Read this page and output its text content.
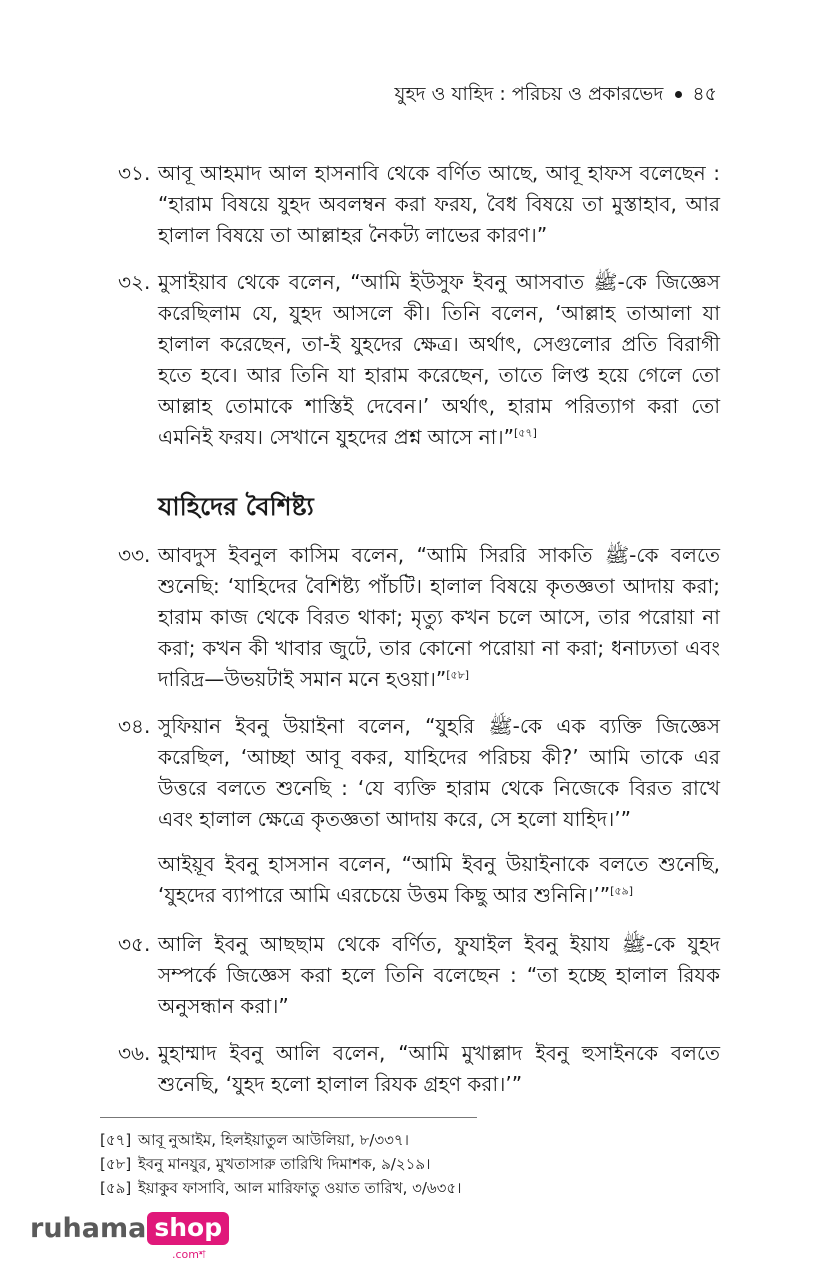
যুহদ ও যাহিদ : পরিচয় ও প্রকারভেদ ৪৫
৩১. আবূ আহমাদ আল হাসনাবি থেকে বর্ণিত আছে, আবূ হাফস বলেছেন : “হারাম বিষয়ে যুহদ অবলম্বন করা ফরয, বৈধ বিষয়ে তা মুস্তাহাব, আর হালাল বিষয়ে তা আল্লাহর নৈকট্য লাভের কারণ।”

৩২. মুসাইয়াব থেকে বলেন, “আমি ইউসুফ ইবনু আসবাত ﷺ-কে জিজ্ঞেস করেছিলাম যে, যুহদ আসলে কী। তিনি বলেন, ‘আল্লাহ তাআলা যা হালাল করেছেন, তা-ই যুহদের ক্ষেত্র। অর্থাৎ, সেগুলোর প্রতি বিরাগী হতে হবে। আর তিনি যা হারাম করেছেন, তাতে লিপ্ত হয়ে গেলে তো আল্লাহ তোমাকে শাস্তিই দেবেন।’ অর্থাৎ, হারাম পরিত্যাগ করা তো এমনিই ফরয। সেখানে যুহদের প্রশ্ন আসে না।”[৫৭]

যাহিদের বৈশিষ্ট্য
৩৩. আবদুস ইবনুল কাসিম বলেন, “আমি সিররি সাকতি ﷺ-কে বলতে শুনেছি: ‘যাহিদের বৈশিষ্ট্য পাঁচটি। হালাল বিষয়ে কৃতজ্ঞতা আদায় করা; হারাম কাজ থেকে বিরত থাকা; মৃত্যু কখন চলে আসে, তার পরোয়া না করা; কখন কী খাবার জুটে, তার কোনো পরোয়া না করা; ধনাঢ্যতা এবং দারিদ্র—উভয়টাই সমান মনে হওয়া।”[৫৮]

৩৪. সুফিয়ান ইবনু উয়াইনা বলেন, “যুহরি ﷺ-কে এক ব্যক্তি জিজ্ঞেস করেছিল, ‘আচ্ছা আবূ বকর, যাহিদের পরিচয় কী?’ আমি তাকে এর উত্তরে বলতে শুনেছি : ‘যে ব্যক্তি হারাম থেকে নিজেকে বিরত রাখে এবং হালাল ক্ষেত্রে কৃতজ্ঞতা আদায় করে, সে হলো যাহিদ।’”

আইয়ূব ইবনু হাসসান বলেন, “আমি ইবনু উয়াইনাকে বলতে শুনেছি, ‘যুহদের ব্যাপারে আমি এরচেয়ে উত্তম কিছু আর শুনিনি।’”[৫৯]

৩৫. আলি ইবনু আছছাম থেকে বর্ণিত, ফুযাইল ইবনু ইয়ায ﷺ-কে যুহদ সম্পর্কে জিজ্ঞেস করা হলে তিনি বলেছেন : “তা হচ্ছে হালাল রিযক অনুসন্ধান করা।”

৩৬. মুহাম্মাদ ইবনু আলি বলেন, “আমি মুখাল্লাদ ইবনু হুসাইনকে বলতে শুনেছি, ‘যুহদ হলো হালাল রিযক গ্রহণ করা।’”

[৫৭] আবূ নুআইম, হিলইয়াতুল আউলিয়া, ৮/৩৩৭।
[৫৮] ইবনু মানযুর, মুখতাসারু তারিখি দিমাশক, ৯/২১৯।
[৫৯] ইয়াকুব ফাসাবি, আল মারিফাতু ওয়াত তারিখ, ৩/৬৩৫।
ruhama shop
.comশ
